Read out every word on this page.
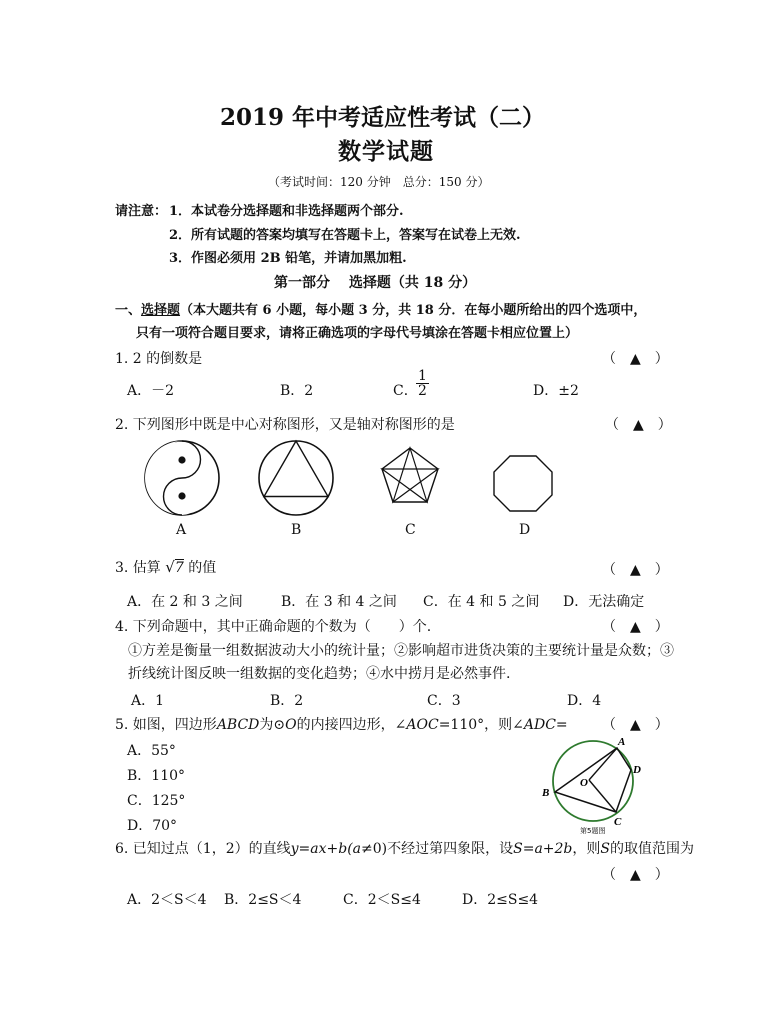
2019 年中考适应性考试（二）
数学试题
（考试时间：120 分钟　总分：150 分）
请注意： 1．本试卷分选择题和非选择题两个部分.
2．所有试题的答案均填写在答题卡上，答案写在试卷上无效.
3．作图必须用 2B 铅笔，并请加黑加粗.
第一部分　 选择题（共 18 分）
一、选择题（本大题共有 6 小题，每小题 3 分，共 18 分．在每小题所给出的四个选项中，
只有一项符合题目要求，请将正确选项的字母代号填涂在答题卡相应位置上）
1. 2 的倒数是	（　▲　）
A．－2	B．2	C．
$\frac{1}{2}$	D．±2
2. 下列图形中既是中心对称图形，又是轴对称图形的是	（　▲　）
A	B	C	D
3. 估算 √7 的值	（　▲　）
A．在 2 和 3 之间	B．在 3 和 4 之间 C．在 4 和 5 之间 D．无法确定
4. 下列命题中，其中正确命题的个数为（　　）个.	（　▲　）
①方差是衡量一组数据波动大小的统计量；②影响超市进货决策的主要统计量是众数；③
折线统计图反映一组数据的变化趋势；④水中捞月是必然事件.
A．1	B．2	C．3	D．4
5. 如图，四边形ABCD为⊙O的内接四边形，∠AOC=110°，则∠ADC= （　▲　）
A．55°
B．110°
C．125°
D．70°
A
B
C
D
O
第5题图
6. 已知过点（1，2）的直线y=ax+b(a≠0)不经过第四象限，设S=a+2b，则S的取值范围为
（　▲　）
A．2＜S＜4 B．2≤S＜4	C．2＜S≤4	D．2≤S≤4
